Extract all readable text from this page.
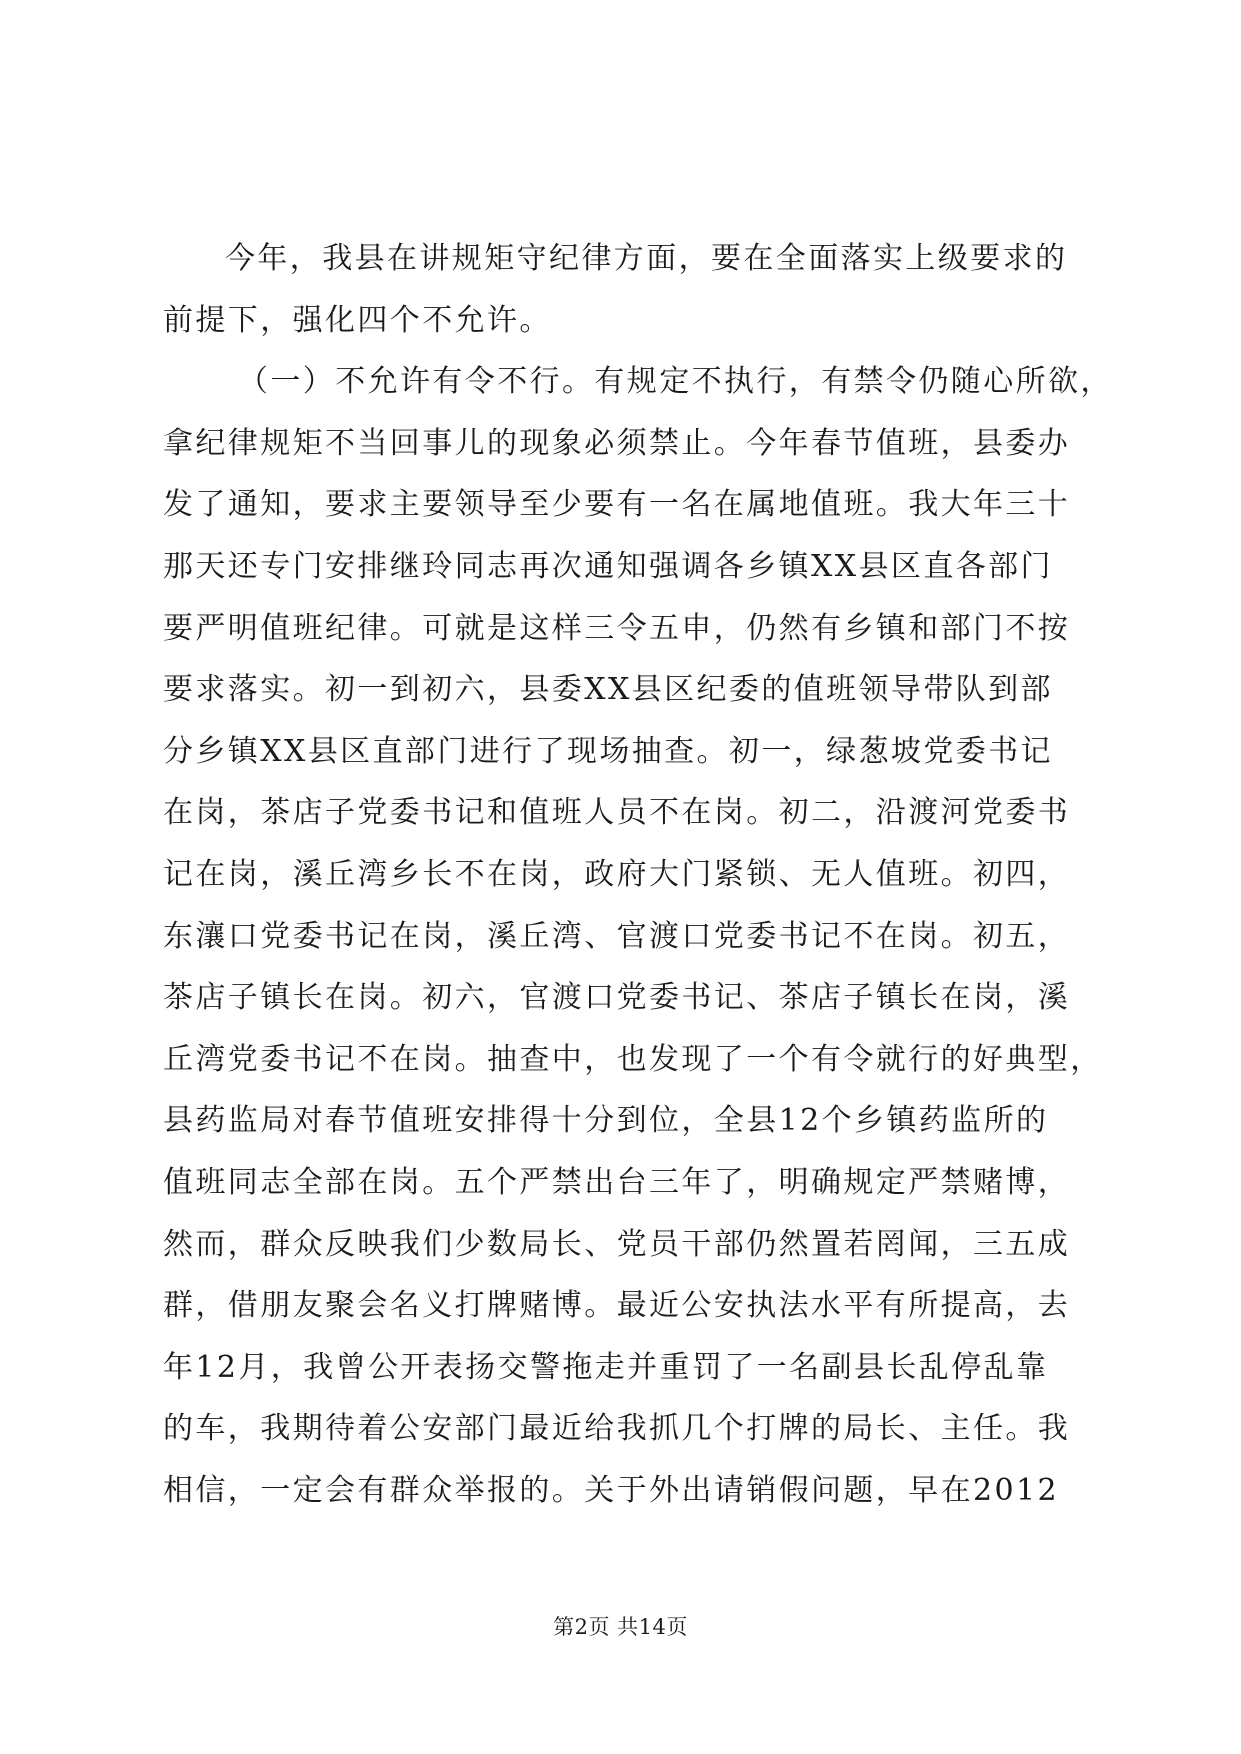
今年，我县在讲规矩守纪律方面，要在全面落实上级要求的
前提下，强化四个不允许。
（一）不允许有令不行。有规定不执行，有禁令仍随心所欲，
拿纪律规矩不当回事儿的现象必须禁止。今年春节值班，县委办
发了通知，要求主要领导至少要有一名在属地值班。我大年三十
那天还专门安排继玲同志再次通知强调各乡镇XX县区直各部门
要严明值班纪律。可就是这样三令五申，仍然有乡镇和部门不按
要求落实。初一到初六，县委XX县区纪委的值班领导带队到部
分乡镇XX县区直部门进行了现场抽查。初一，绿葱坡党委书记
在岗，茶店子党委书记和值班人员不在岗。初二，沿渡河党委书
记在岗，溪丘湾乡长不在岗，政府大门紧锁、无人值班。初四，
东瀼口党委书记在岗，溪丘湾、官渡口党委书记不在岗。初五，
茶店子镇长在岗。初六，官渡口党委书记、茶店子镇长在岗，溪
丘湾党委书记不在岗。抽查中，也发现了一个有令就行的好典型，
县药监局对春节值班安排得十分到位，全县12个乡镇药监所的
值班同志全部在岗。五个严禁出台三年了，明确规定严禁赌博，
然而，群众反映我们少数局长、党员干部仍然置若罔闻，三五成
群，借朋友聚会名义打牌赌博。最近公安执法水平有所提高，去
年12月，我曾公开表扬交警拖走并重罚了一名副县长乱停乱靠
的车，我期待着公安部门最近给我抓几个打牌的局长、主任。我
相信，一定会有群众举报的。关于外出请销假问题，早在2012
第2页 共14页
